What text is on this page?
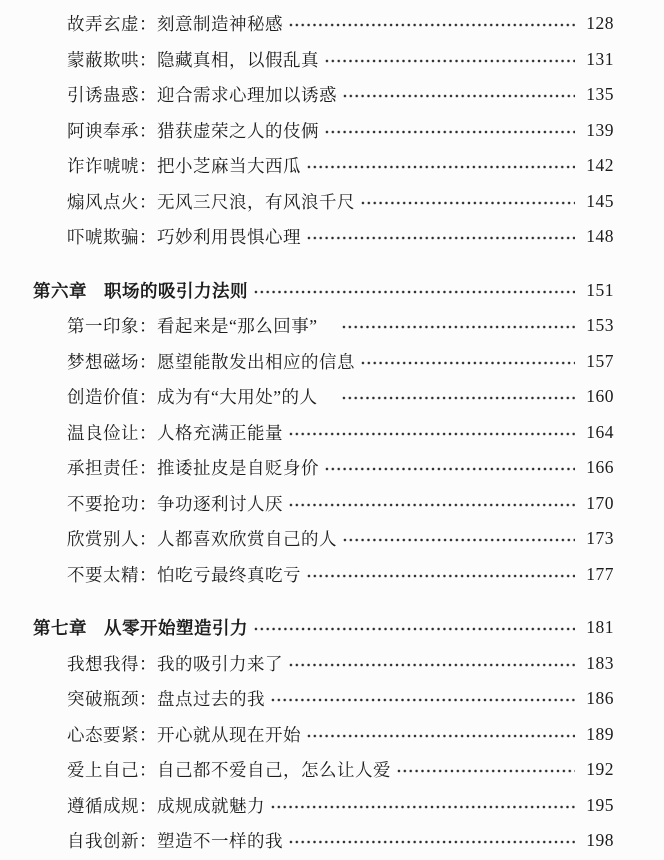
故弄玄虚：刻意制造神秘感	128
蒙蔽欺哄：隐藏真相，以假乱真	131
引诱蛊惑：迎合需求心理加以诱惑	135
阿谀奉承：猎获虚荣之人的伎俩	139
诈诈唬唬：把小芝麻当大西瓜	142
煽风点火：无风三尺浪，有风浪千尺	145
吓唬欺骗：巧妙利用畏惧心理	148
第六章 职场的吸引力法则	151
第一印象：看起来是“那么回事”　	153
梦想磁场：愿望能散发出相应的信息	157
创造价值：成为有“大用处”的人　	160
温良俭让：人格充满正能量	164
承担责任：推诿扯皮是自贬身价	166
不要抢功：争功逐利讨人厌	170
欣赏别人：人都喜欢欣赏自己的人	173
不要太精：怕吃亏最终真吃亏	177
第七章 从零开始塑造引力	181
我想我得：我的吸引力来了	183
突破瓶颈：盘点过去的我	186
心态要紧：开心就从现在开始	189
爱上自己：自己都不爱自己，怎么让人爱	192
遵循成规：成规成就魅力	195
自我创新：塑造不一样的我	198
